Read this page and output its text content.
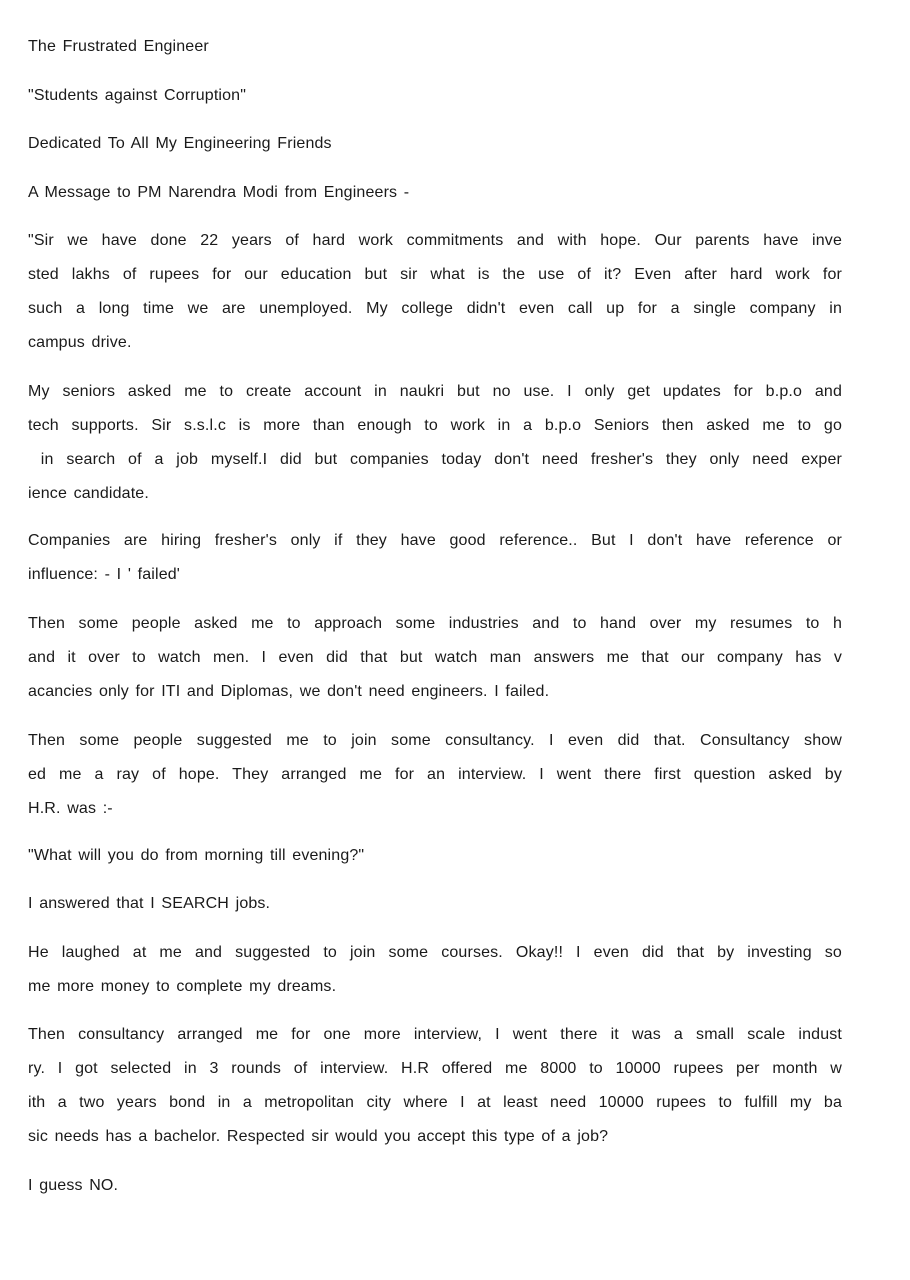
The Frustrated Engineer

"Students against Corruption"

Dedicated To All My Engineering Friends

A Message to PM Narendra Modi from Engineers -

"Sir we have done 22 years of hard work commitments and with hope. Our parents have inve
sted lakhs of rupees for our education but sir what is the use of it? Even after hard work for
such a long time we are unemployed. My college didn't even call up for a single company in
campus drive.
My seniors asked me to create account in naukri but no use. I only get updates for b.p.o and
tech supports. Sir s.s.l.c is more than enough to work in a b.p.o Seniors then asked me to go
in search of a job myself.I did but companies today don't need fresher's they only need exper
ience candidate.
Companies are hiring fresher's only if they have good reference.. But I don't have reference or
influence: - I ' failed'
Then some people asked me to approach some industries and to hand over my resumes to h
and it over to watch men. I even did that but watch man answers me that our company has v
acancies only for ITI and Diplomas, we don't need engineers. I failed.
Then some people suggested me to join some consultancy. I even did that. Consultancy show
ed me a ray of hope. They arranged me for an interview. I went there first question asked by
H.R. was :-

"What will you do from morning till evening?"

I answered that I SEARCH jobs.

He laughed at me and suggested to join some courses. Okay!! I even did that by investing so
me more money to complete my dreams.
Then consultancy arranged me for one more interview, I went there it was a small scale indust
ry. I got selected in 3 rounds of interview. H.R offered me 8000 to 10000 rupees per month w
ith a two years bond in a metropolitan city where I at least need 10000 rupees to fulfill my ba
sic needs has a bachelor. Respected sir would you accept this type of a job?

I guess NO.
